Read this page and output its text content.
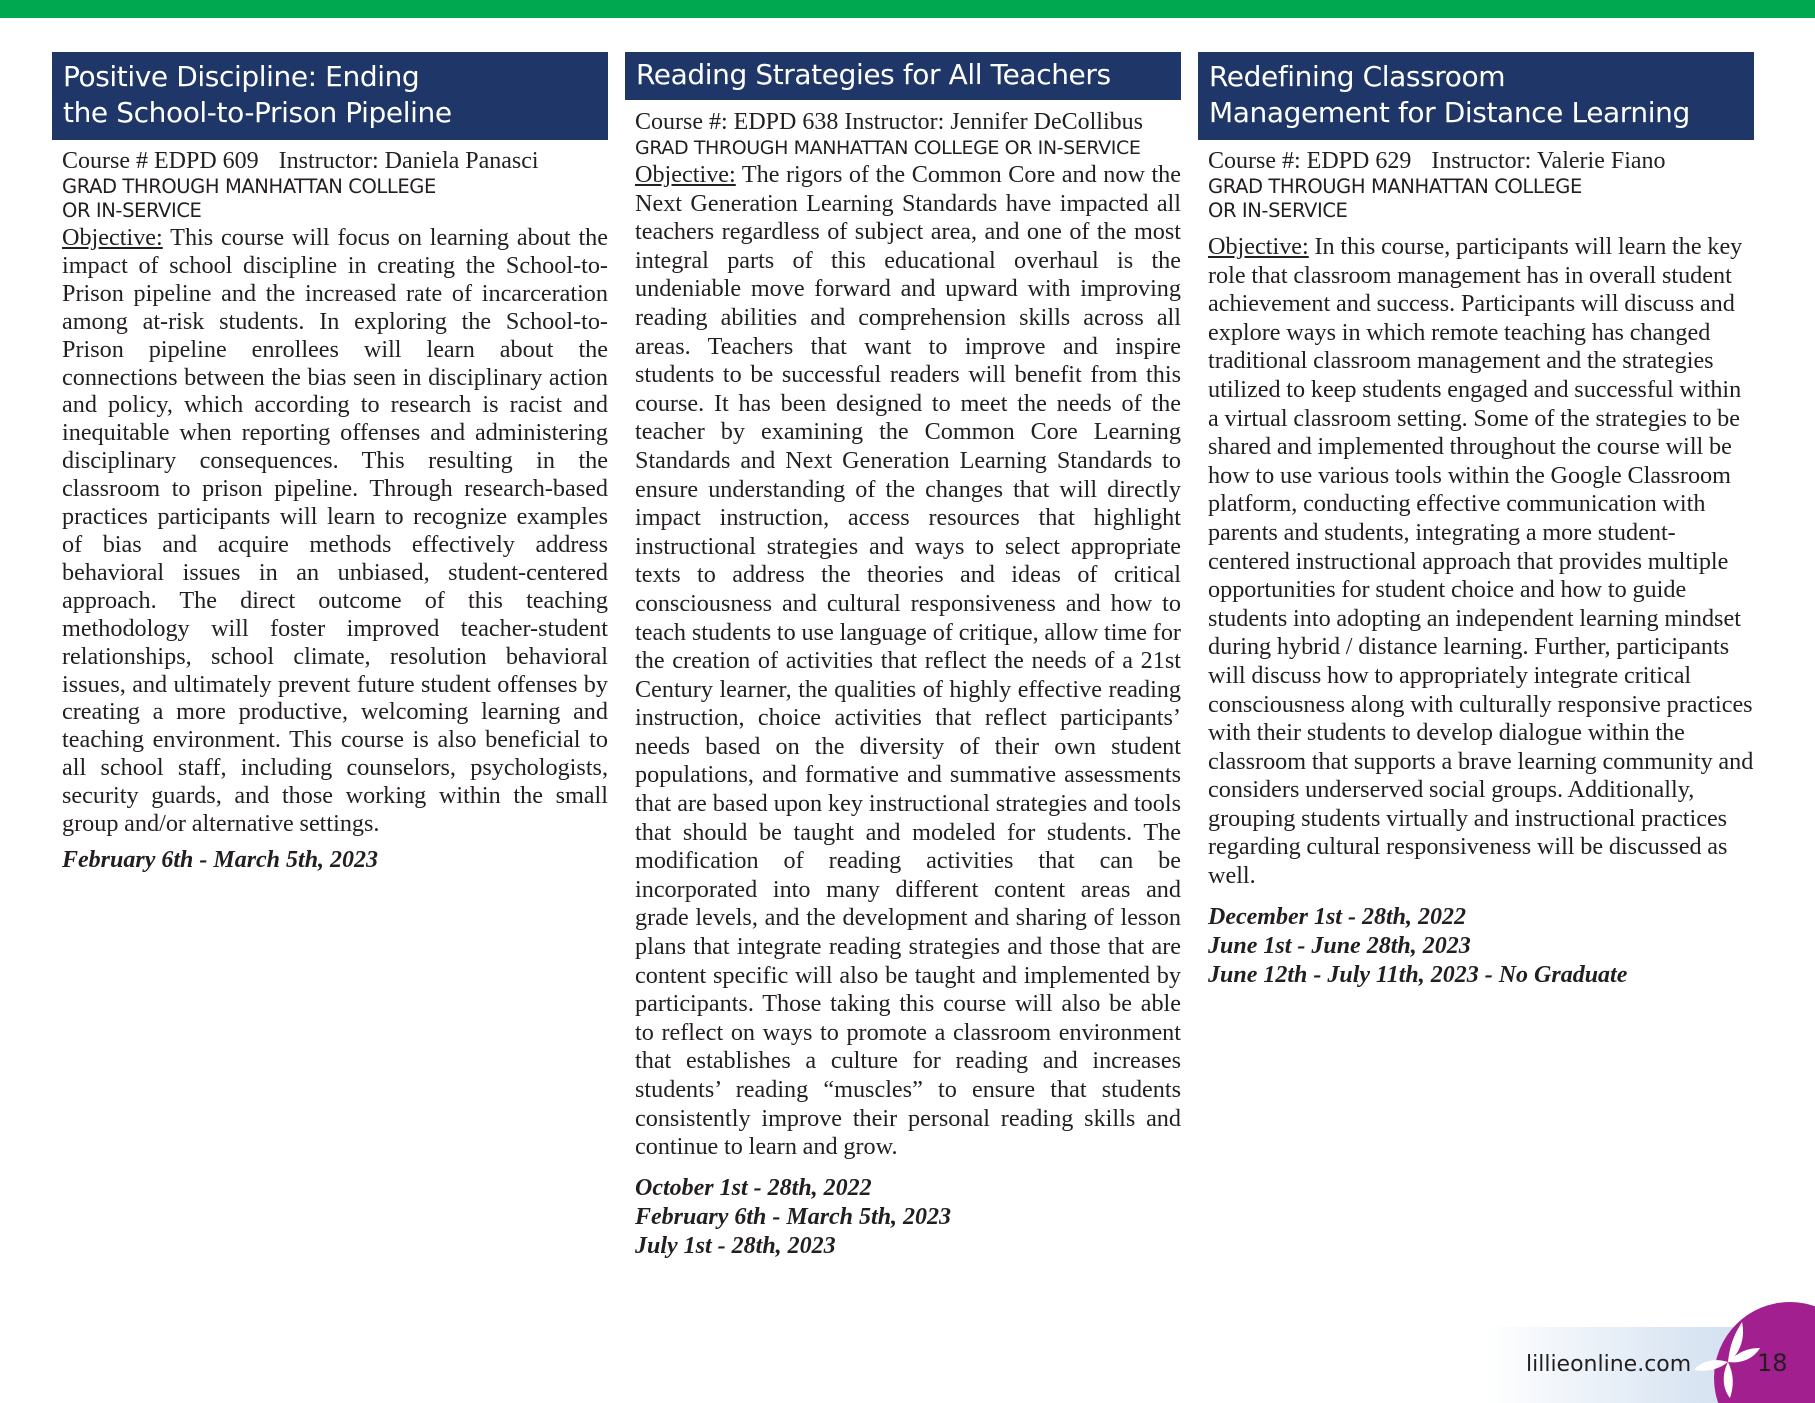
Positive Discipline: Ending
the School-to-Prison Pipeline
Course # EDPD 609 Instructor: Daniela Panasci
GRAD THROUGH MANHATTAN COLLEGE
OR IN-SERVICE
Objective: This course will focus on learning about the impact of school discipline in creating the School-to-Prison pipeline and the increased rate of incarceration among at-risk students. In exploring the School-to-Prison pipeline enrollees will learn about the connections between the bias seen in disciplinary action and policy, which according to research is racist and inequitable when reporting offenses and administering disciplinary consequences. This resulting in the classroom to prison pipeline. Through research-based practices participants will learn to recognize examples of bias and acquire methods effectively address behavioral issues in an unbiased, student-centered approach. The direct outcome of this teaching methodology will foster improved teacher-student relationships, school climate, resolution behavioral issues, and ultimately prevent future student offenses by creating a more productive, welcoming learning and teaching environment. This course is also beneficial to all school staff, including counselors, psychologists, security guards, and those working within the small group and/or alternative settings.
February 6th - March 5th, 2023
Reading Strategies for All Teachers
Course #: EDPD 638 Instructor: Jennifer DeCollibus
GRAD THROUGH MANHATTAN COLLEGE OR IN-SERVICE
Objective: The rigors of the Common Core and now the Next Generation Learning Standards have impacted all teachers regardless of subject area, and one of the most integral parts of this educational overhaul is the undeniable move forward and upward with improving reading abilities and comprehension skills across all areas. Teachers that want to improve and inspire students to be successful readers will benefit from this course. It has been designed to meet the needs of the teacher by examining the Common Core Learning Standards and Next Generation Learning Standards to ensure understanding of the changes that will directly impact instruction, access resources that highlight instructional strategies and ways to select appropriate texts to address the theories and ideas of critical consciousness and cultural responsiveness and how to teach students to use language of critique, allow time for the creation of activities that reflect the needs of a 21st Century learner, the qualities of highly effective reading instruction, choice activities that reflect participants’ needs based on the diversity of their own student populations, and formative and summative assessments that are based upon key instructional strategies and tools that should be taught and modeled for students. The modification of reading activities that can be incorporated into many different content areas and grade levels, and the development and sharing of lesson plans that integrate reading strategies and those that are content specific will also be taught and implemented by participants. Those taking this course will also be able to reflect on ways to promote a classroom environment that establishes a culture for reading and increases students’ reading “muscles” to ensure that students consistently improve their personal reading skills and continue to learn and grow.
October 1st - 28th, 2022
February 6th - March 5th, 2023
July 1st - 28th, 2023
Redefining Classroom
Management for Distance Learning
Course #: EDPD 629 Instructor: Valerie Fiano
GRAD THROUGH MANHATTAN COLLEGE
OR IN-SERVICE
Objective: In this course, participants will learn the key role that classroom management has in overall student achievement and success. Participants will discuss and explore ways in which remote teaching has changed traditional classroom management and the strategies utilized to keep students engaged and successful within a virtual classroom setting. Some of the strategies to be shared and implemented throughout the course will be how to use various tools within the Google Classroom platform, conducting effective communication with parents and students, integrating a more student-centered instructional approach that provides multiple opportunities for student choice and how to guide students into adopting an independent learning mindset during hybrid / distance learning. Further, participants will discuss how to appropriately integrate critical consciousness along with culturally responsive practices with their students to develop dialogue within the classroom that supports a brave learning community and considers underserved social groups. Additionally, grouping students virtually and instructional practices regarding cultural responsiveness will be discussed as well.
December 1st - 28th, 2022
June 1st - June 28th, 2023
June 12th - July 11th, 2023 - No Graduate
lillieonline.com	18
